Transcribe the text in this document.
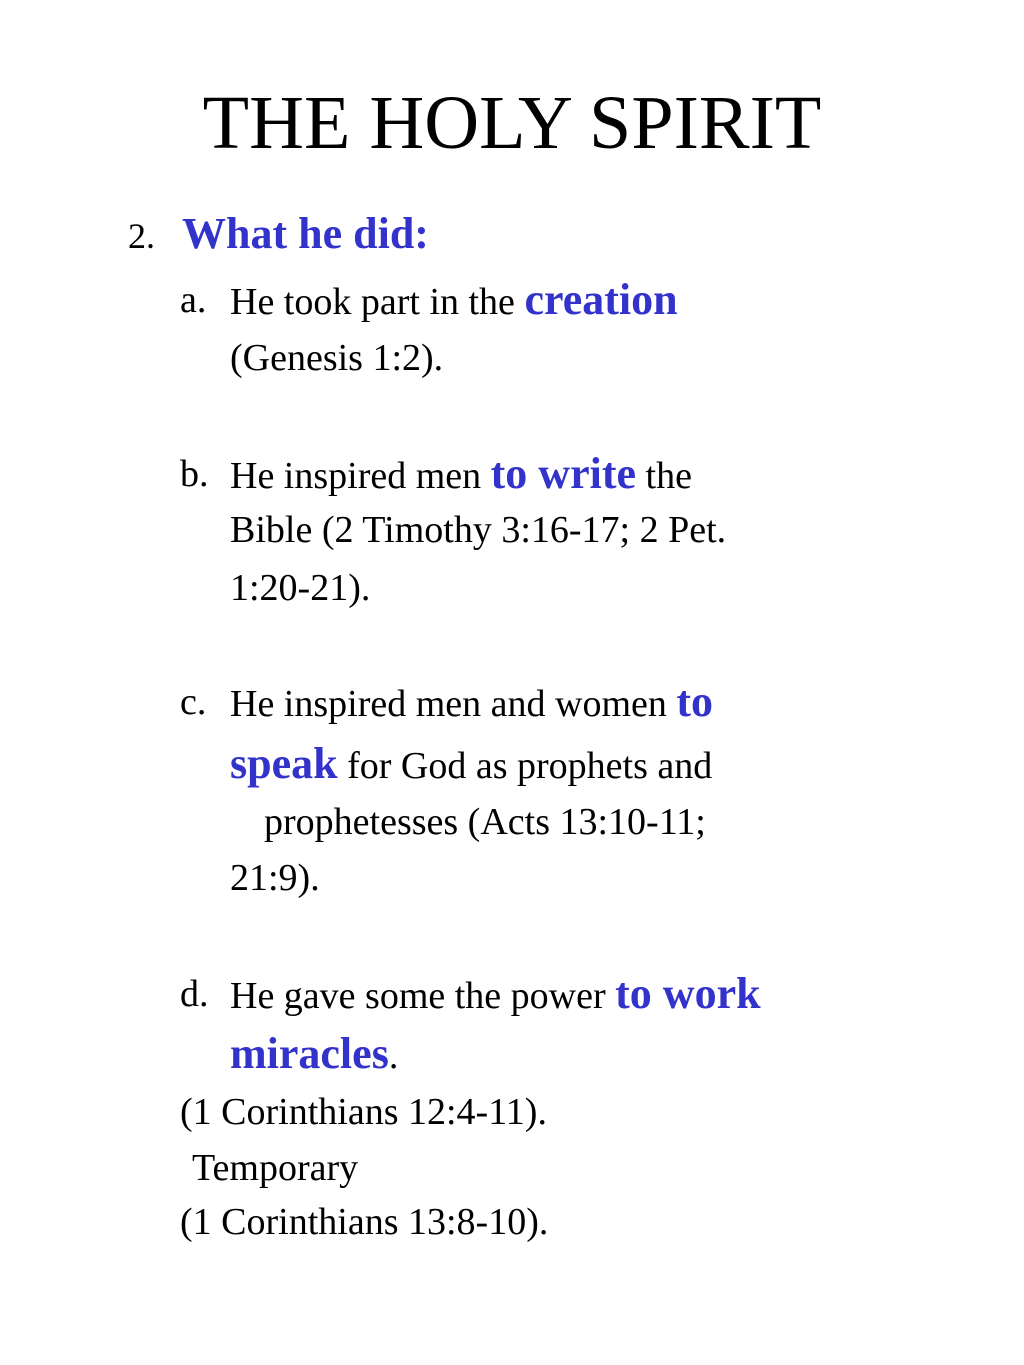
THE HOLY SPIRIT
2. What he did:
a. He took part in the creation
(Genesis 1:2).
b. He inspired men to write the
Bible (2 Timothy 3:16-17; 2 Pet.
1:20-21).
c. He inspired men and women to
speak for God as prophets and
prophetesses (Acts 13:10-11;
21:9).
d. He gave some the power to work
miracles.
(1 Corinthians 12:4-11).
Temporary
(1 Corinthians 13:8-10).
